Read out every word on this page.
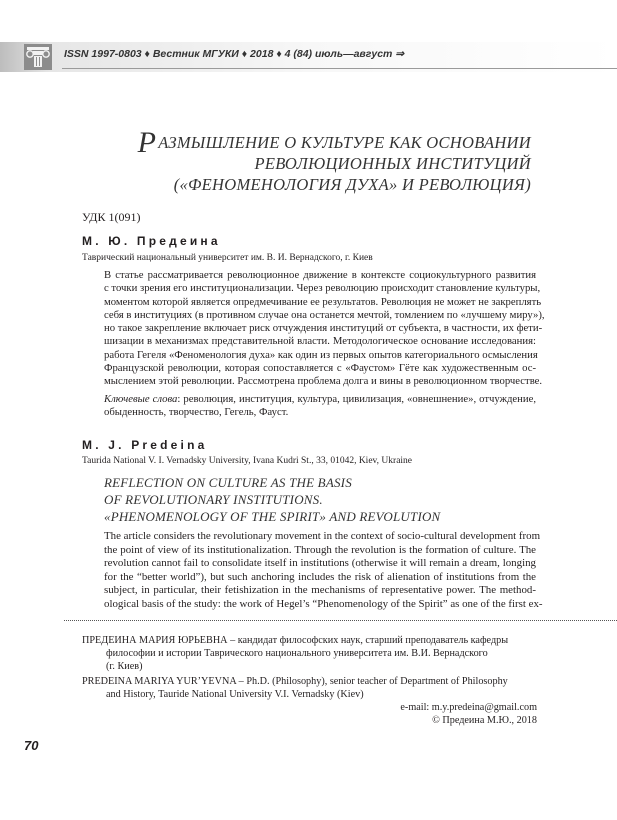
ISSN 1997-0803 ♦ Вестник МГУКИ ♦ 2018 ♦ 4 (84) июль—август ⇒
РАЗМЫШЛЕНИЕ О КУЛЬТУРЕ КАК ОСНОВАНИИ
РЕВОЛЮЦИОННЫХ ИНСТИТУЦИЙ
(«ФЕНОМЕНОЛОГИЯ ДУХА» И РЕВОЛЮЦИЯ)
УДК 1(091)
М. Ю. Предеина
Таврический национальный университет им. В. И. Вернадского, г. Киев
В статье рассматривается революционное движение в контексте социокультурного развития
с точки зрения его институционализации. Через революцию происходит становление культуры,
моментом которой является опредмечивание ее результатов. Революция не может не закреплять
себя в институциях (в противном случае она останется мечтой, томлением по «лучшему миру»),
но такое закрепление включает риск отчуждения институций от субъекта, в частности, их фети-
шизации в механизмах представительной власти. Методологическое основание исследования:
работа Гегеля «Феноменология духа» как один из первых опытов категориального осмысления
Французской революции, которая сопоставляется с «Фаустом» Гёте как художественным ос-
мыслением этой революции. Рассмотрена проблема долга и вины в революционном творчестве.
Ключевые слова: революция, институция, культура, цивилизация, «овнешнение», отчуждение,
обыденность, творчество, Гегель, Фауст.
M. J. Predeina
Taurida National V. I. Vernadsky University, Ivana Kudri St., 33, 01042, Kiev, Ukraine
REFLECTION ON CULTURE AS THE BASIS
OF REVOLUTIONARY INSTITUTIONS.
«PHENOMENOLOGY OF THE SPIRIT» AND REVOLUTION
The article considers the revolutionary movement in the context of socio-cultural development from
the point of view of its institutionalization. Through the revolution is the formation of culture. The
revolution cannot fail to consolidate itself in institutions (otherwise it will remain a dream, longing
for the “better world”), but such anchoring includes the risk of alienation of institutions from the
subject, in particular, their fetishization in the mechanisms of representative power. The method-
ological basis of the study: the work of Hegel’s “Phenomenology of the Spirit” as one of the first ex-
ПРЕДЕИНА МАРИЯ ЮРЬЕВНА – кандидат философских наук, старший преподаватель кафедры
философии и истории Таврического национального университета им. В.И. Вернадского
(г. Киев)
PREDEINA MARIYA YUR’YEVNA – Ph.D. (Philosophy), senior teacher of Department of Philosophy
and History, Tauride National University V.I. Vernadsky (Kiev)
e-mail: m.y.predeina@gmail.com
© Предеина М.Ю., 2018
70
